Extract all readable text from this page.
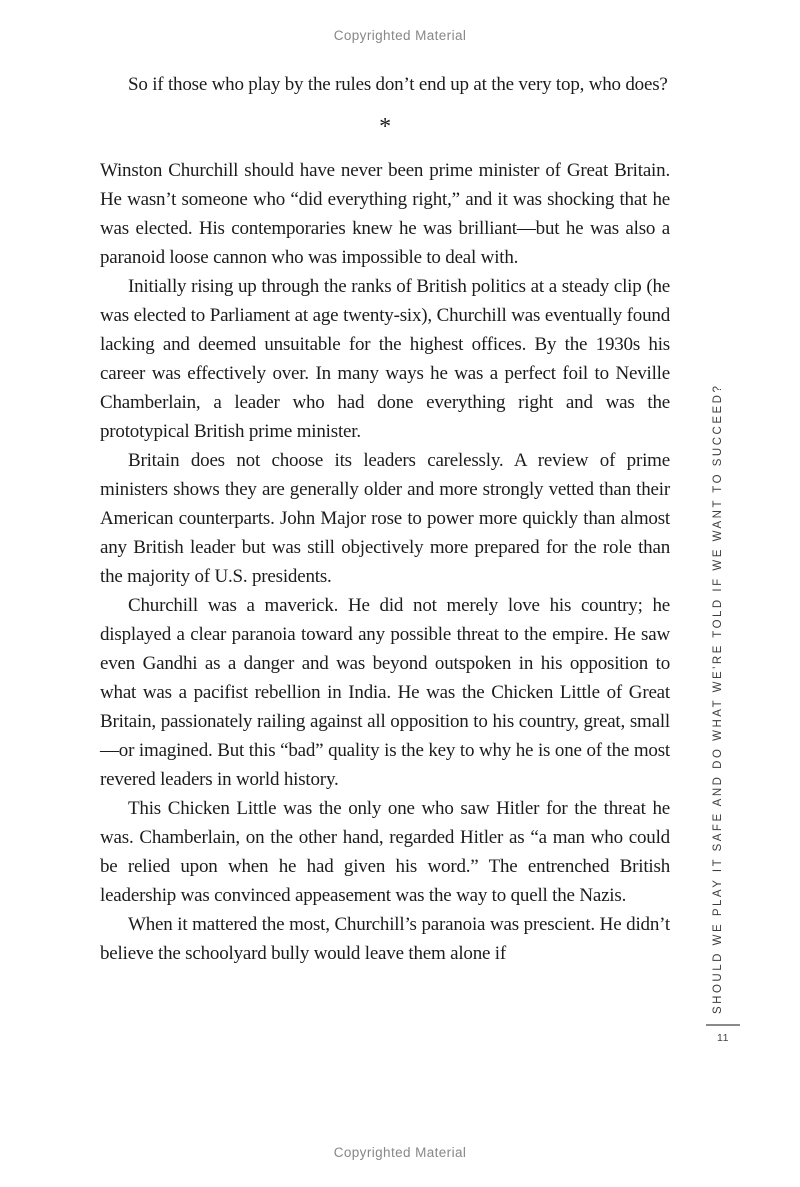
Copyrighted Material

So if those who play by the rules don’t end up at the very top, who does?

*

Winston Churchill should have never been prime minister of Great Britain. He wasn’t someone who “did everything right,” and it was shocking that he was elected. His contemporaries knew he was brilliant—but he was also a paranoid loose cannon who was impossible to deal with.

Initially rising up through the ranks of British politics at a steady clip (he was elected to Parliament at age twenty-six), Churchill was eventually found lacking and deemed unsuitable for the highest offices. By the 1930s his career was effectively over. In many ways he was a perfect foil to Neville Chamberlain, a leader who had done everything right and was the prototypical British prime minister.

Britain does not choose its leaders carelessly. A review of prime ministers shows they are generally older and more strongly vetted than their American counterparts. John Major rose to power more quickly than almost any British leader but was still objectively more prepared for the role than the majority of U.S. presidents.

Churchill was a maverick. He did not merely love his country; he displayed a clear paranoia toward any possible threat to the empire. He saw even Gandhi as a danger and was beyond outspoken in his opposition to what was a pacifist rebellion in India. He was the Chicken Little of Great Britain, passionately railing against all opposition to his country, great, small—or imagined. But this “bad” quality is the key to why he is one of the most revered leaders in world history.

This Chicken Little was the only one who saw Hitler for the threat he was. Chamberlain, on the other hand, regarded Hitler as “a man who could be relied upon when he had given his word.” The entrenched British leadership was convinced appeasement was the way to quell the Nazis.

When it mattered the most, Churchill’s paranoia was prescient. He didn’t believe the schoolyard bully would leave them alone if	SHOULD WE PLAY IT SAFE AND DO WHAT WE'RE TOLD IF WE WANT TO SUCCEED?
11
Copyrighted Material
